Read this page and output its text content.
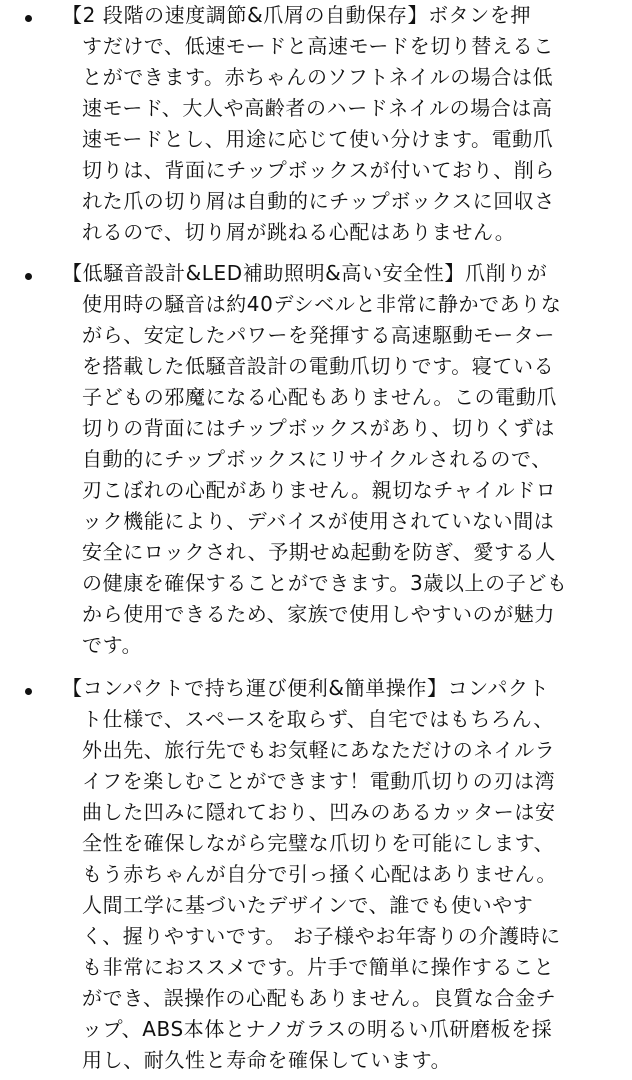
【2 段階の速度調節&爪屑の自動保存】ボタンを押
すだけで、低速モードと高速モードを切り替えるこ
とができます。赤ちゃんのソフトネイルの場合は低
速モード、大人や高齢者のハードネイルの場合は高
速モードとし、用途に応じて使い分けます。電動爪
切りは、背面にチップボックスが付いており、削ら
れた爪の切り屑は自動的にチップボックスに回収さ
れるので、切り屑が跳ねる心配はありません。

【低騒音設計&LED補助照明&高い安全性】爪削りが
使用時の騒音は約40デシベルと非常に静かでありな
がら、安定したパワーを発揮する高速駆動モーター
を搭載した低騒音設計の電動爪切りです。寝ている
子どもの邪魔になる心配もありません。この電動爪
切りの背面にはチップボックスがあり、切りくずは
自動的にチップボックスにリサイクルされるので、
刃こぼれの心配がありません。親切なチャイルドロ
ック機能により、デバイスが使用されていない間は
安全にロックされ、予期せぬ起動を防ぎ、愛する人
の健康を確保することができます。3歳以上の子ども
から使用できるため、家族で使用しやすいのが魅力
です。

【コンパクトで持ち運び便利&簡単操作】コンパクト
ト仕様で、スペースを取らず、自宅ではもちろん、
外出先、旅行先でもお気軽にあなただけのネイルラ
イフを楽しむことができます！電動爪切りの刃は湾
曲した凹みに隠れており、凹みのあるカッターは安
全性を確保しながら完璧な爪切りを可能にします、
もう赤ちゃんが自分で引っ掻く心配はありません。
人間工学に基づいたデザインで、誰でも使いやす
く、握りやすいです。 お子様やお年寄りの介護時に
も非常におススメです。片手で簡単に操作すること
ができ、誤操作の心配もありません。良質な合金チ
ップ、ABS本体とナノガラスの明るい爪研磨板を採
用し、耐久性と寿命を確保しています。
